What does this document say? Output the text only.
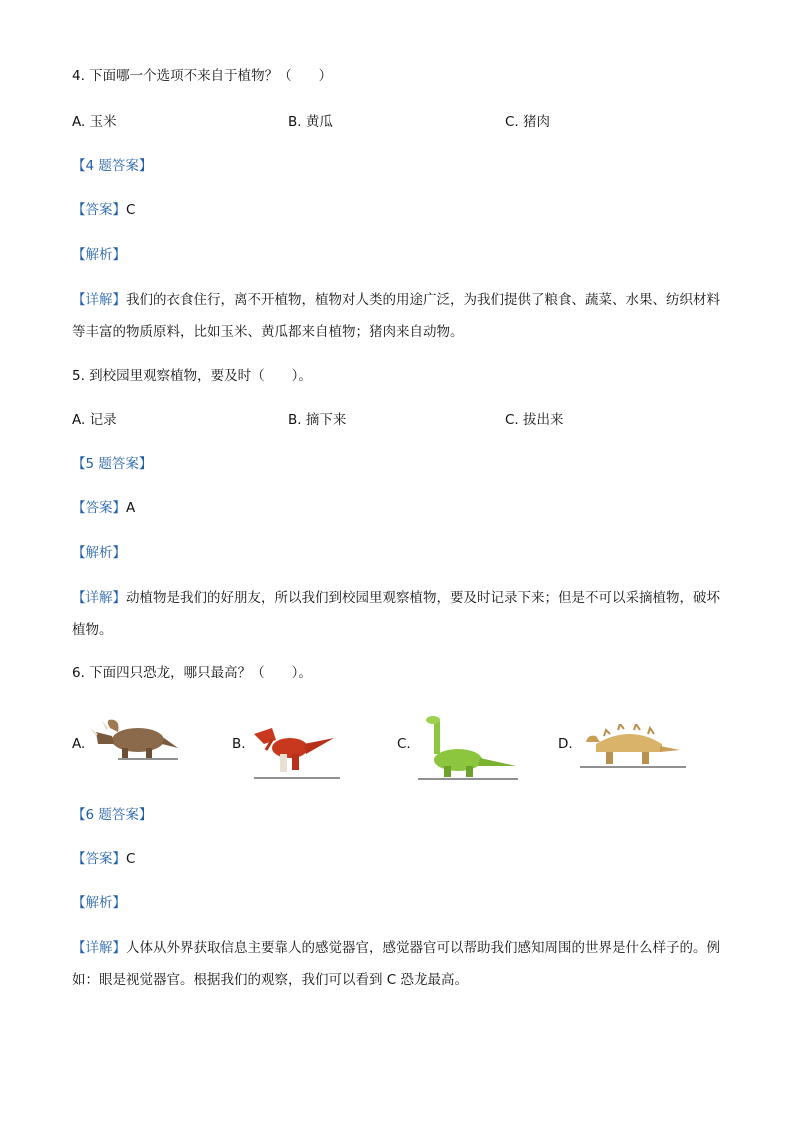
4. 下面哪一个选项不来自于植物？（　　）
A. 玉米	B. 黄瓜	C. 猪肉
【4 题答案】
【答案】C
【解析】
【详解】我们的衣食住行，离不开植物，植物对人类的用途广泛，为我们提供了粮食、蔬菜、水果、纺织材料等丰富的物质原料，比如玉米、黄瓜都来自植物；猪肉来自动物。
5. 到校园里观察植物，要及时（　　）。
A. 记录	B. 摘下来	C. 拔出来
【5 题答案】
【答案】A
【解析】
【详解】动植物是我们的好朋友，所以我们到校园里观察植物，要及时记录下来；但是不可以采摘植物，破坏植物。
6. 下面四只恐龙，哪只最高？（　　）。
A.	B.	C.	D.
【6 题答案】
【答案】C
【解析】
【详解】人体从外界获取信息主要靠人的感觉器官，感觉器官可以帮助我们感知周围的世界是什么样子的。例如：眼是视觉器官。根据我们的观察，我们可以看到 C 恐龙最高。
